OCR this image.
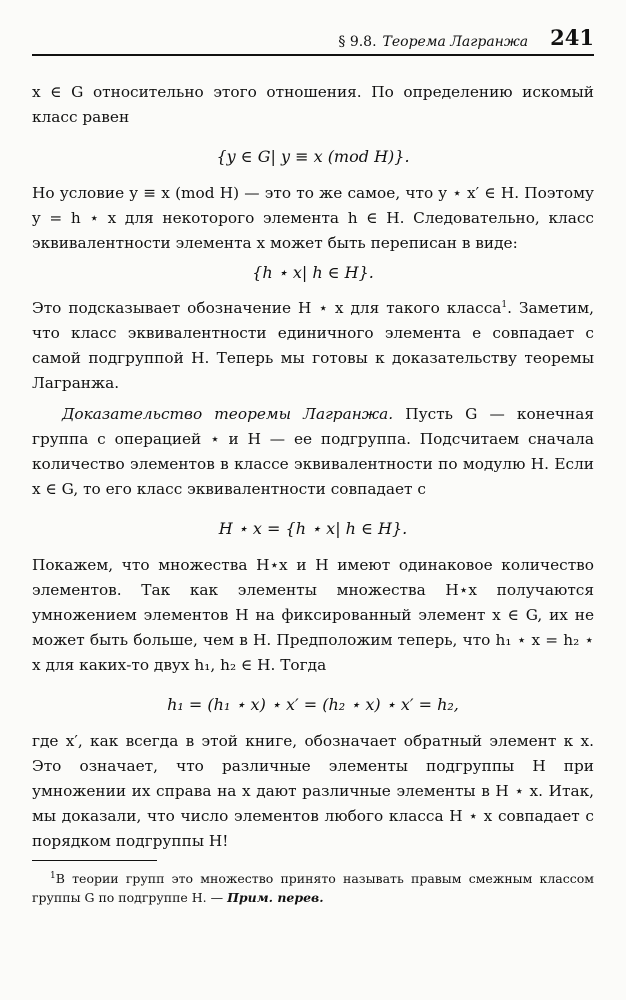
§ 9.8. Теорема Лагранжа 241

x ∈ G относительно этого отношения. По определению искомый класс равен

{y ∈ G| y ≡ x (mod H)}.

Но условие y ≡ x (mod H) — это то же самое, что y ⋆ x′ ∈ H. Поэтому y = h ⋆ x для некоторого элемента h ∈ H. Следовательно, класс эквивалентности элемента x может быть переписан в виде:

{h ⋆ x| h ∈ H}.

Это подсказывает обозначение H ⋆ x для такого класса$^1$. Заметим, что класс эквивалентности единичного элемента e совпадает с самой подгруппой H. Теперь мы готовы к доказательству теоремы Лагранжа.

Доказательство теоремы Лагранжа. Пусть G — конечная группа с операцией ⋆ и H — ее подгруппа. Подсчитаем сначала количество элементов в классе эквивалентности по модулю H. Если x ∈ G, то его класс эквивалентности совпадает с

H ⋆ x = {h ⋆ x| h ∈ H}.

Покажем, что множества H⋆x и H имеют одинаковое количество элементов. Так как элементы множества H⋆x получаются умножением элементов H на фиксированный элемент x ∈ G, их не может быть больше, чем в H. Предположим теперь, что h₁ ⋆ x = h₂ ⋆ x для каких-то двух h₁, h₂ ∈ H. Тогда

h₁ = (h₁ ⋆ x) ⋆ x′ = (h₂ ⋆ x) ⋆ x′ = h₂,

где x′, как всегда в этой книге, обозначает обратный элемент к x. Это означает, что различные элементы подгруппы H при умножении их справа на x дают различные элементы в H ⋆ x. Итак, мы доказали, что число элементов любого класса H ⋆ x совпадает с порядком подгруппы H!

$^1$В теории групп это множество принято называть правым смежным классом группы G по подгруппе H. — Прим. перев.
